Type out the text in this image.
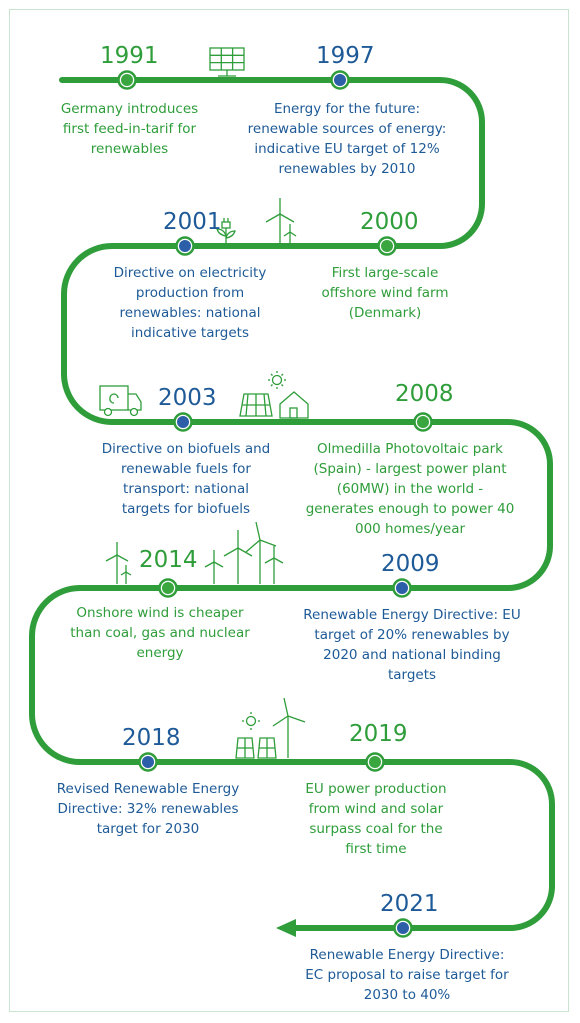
1991
Germany introduces first feed-in-tarif for renewables
1997
Energy for the future: renewable sources of energy: indicative EU target of 12% renewables by 2010
2000
First large-scale offshore wind farm (Denmark)
2001
Directive on electricity production from renewables: national indicative targets
2003
Directive on biofuels and renewable fuels for transport: national targets for biofuels
2008
Olmedilla Photovoltaic park (Spain) - largest power plant (60MW) in the world - generates enough to power 40 000 homes/year
2009
Renewable Energy Directive: EU target of 20% renewables by 2020 and national binding targets
2014
Onshore wind is cheaper than coal, gas and nuclear energy
2018
Revised Renewable Energy Directive: 32% renewables target for 2030
2019
EU power production from wind and solar surpass coal for the first time
2021
Renewable Energy Directive: EC proposal to raise target for 2030 to 40%
